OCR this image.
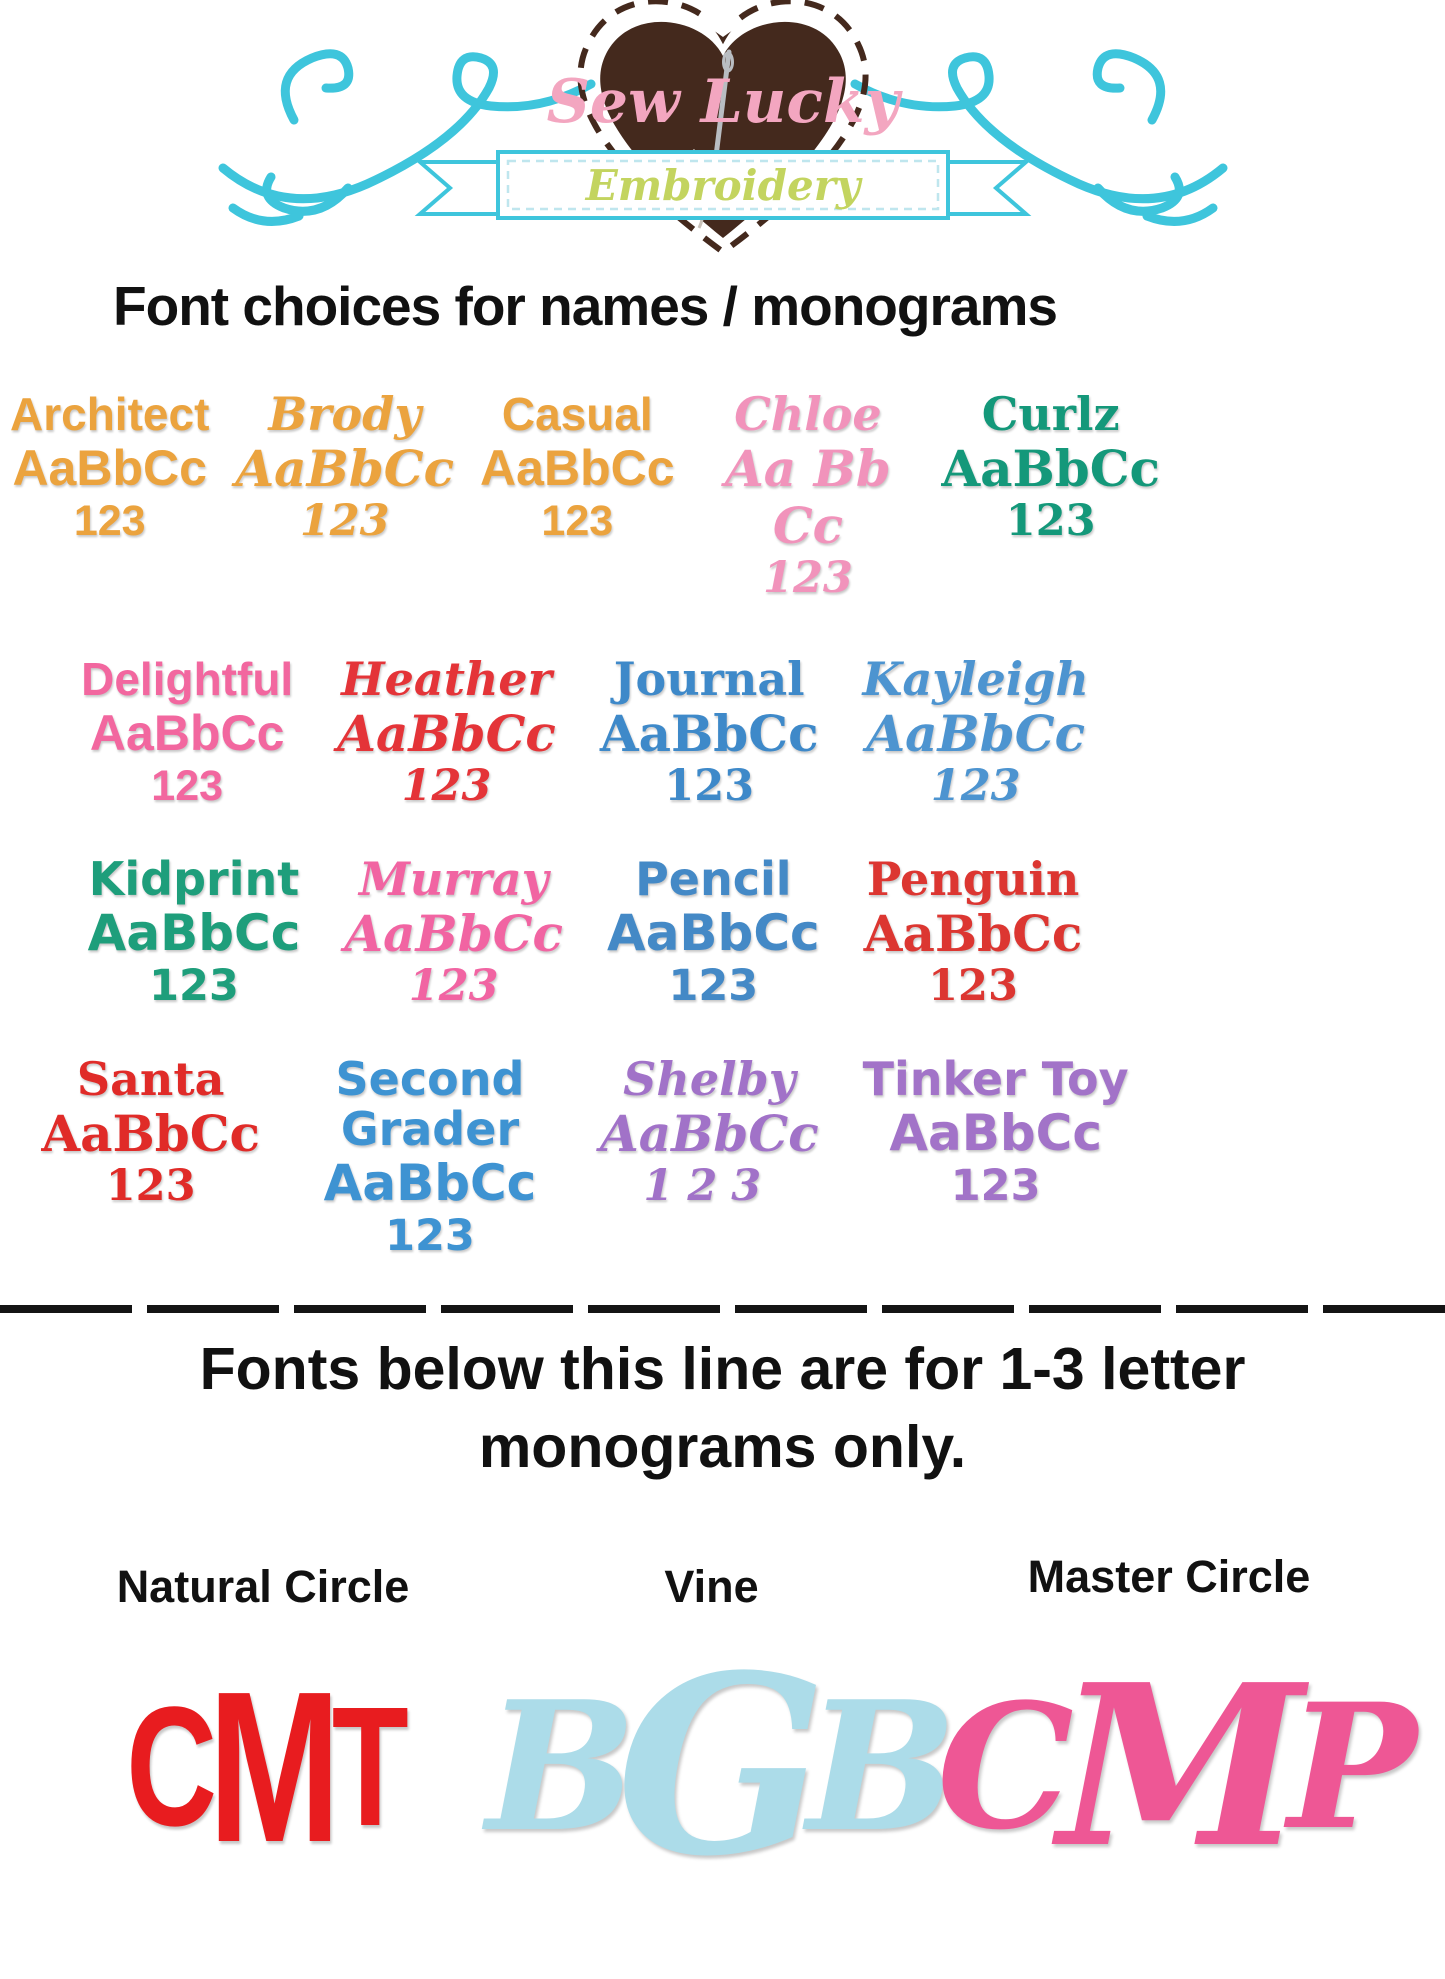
Sew Lucky
Embroidery
Font choices for names / monograms
Architect
AaBbCc
123
Brody
AaBbCc
123
Casual
AaBbCc
123
Chloe
Aa Bb Cc
123
Curlz
AaBbCc
123
Delightful
AaBbCc
123
Heather
AaBbCc
123
Journal
AaBbCc
123
Kayleigh
AaBbCc
123
Kidprint
AaBbCc
123
Murray
AaBbCc
123
Pencil
AaBbCc
123
Penguin
AaBbCc
123
Santa
AaBbCc
123
Second Grader
AaBbCc
123
Shelby
AaBbCc
123
Tinker Toy
AaBbCc
123
Fonts below this line are for 1-3 letter
monograms only.
Natural Circle
C M T
Vine
B G B
Master Circle
C M P
